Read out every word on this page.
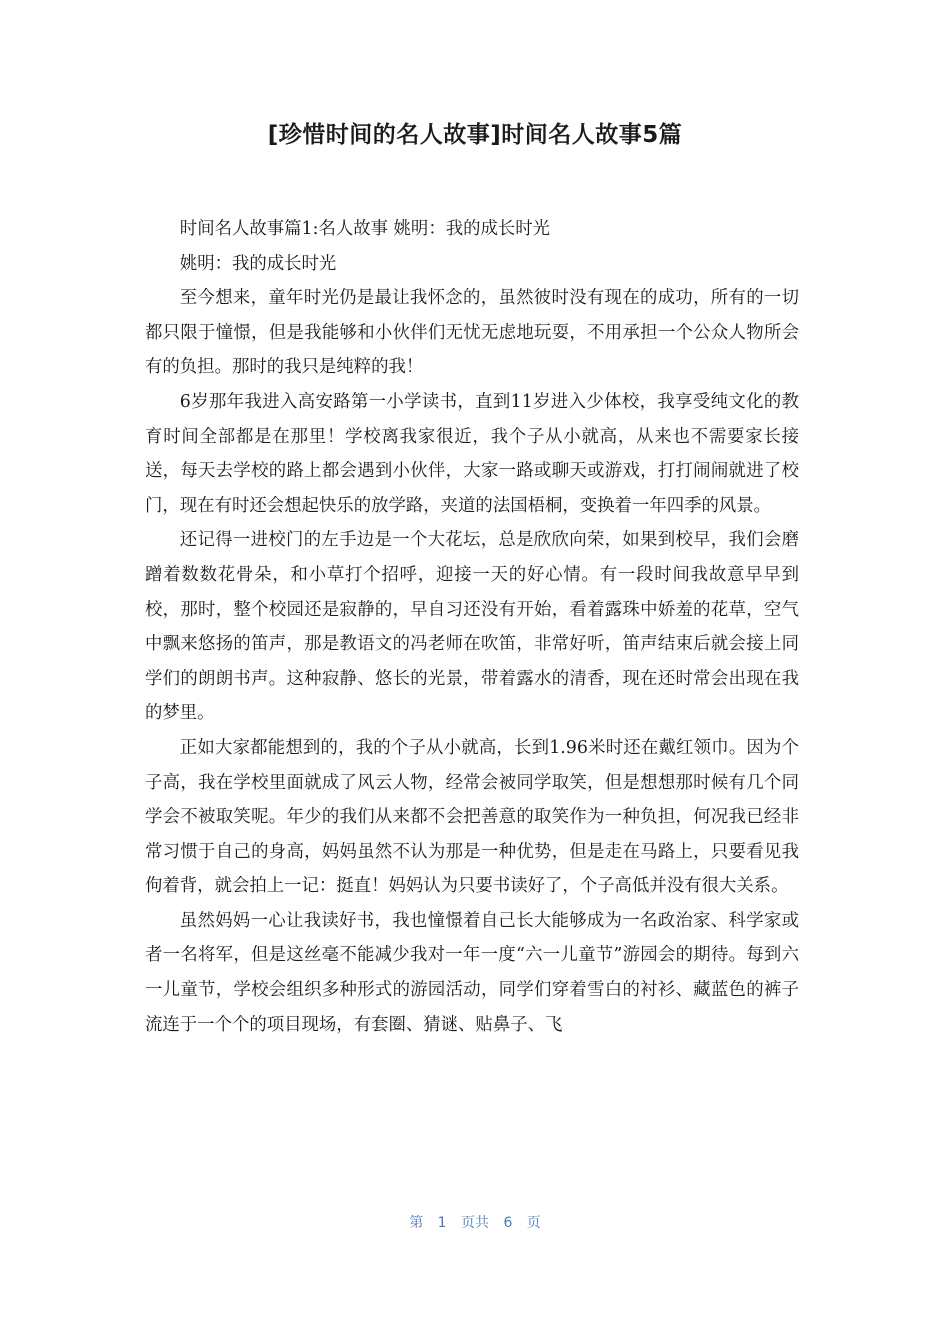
[珍惜时间的名人故事]时间名人故事5篇

时间名人故事篇1:名人故事 姚明：我的成长时光

姚明：我的成长时光

至今想来，童年时光仍是最让我怀念的，虽然彼时没有现在的成功，所有的一切都只限于憧憬，但是我能够和小伙伴们无忧无虑地玩耍，不用承担一个公众人物所会有的负担。那时的我只是纯粹的我！

6岁那年我进入高安路第一小学读书，直到11岁进入少体校，我享受纯文化的教育时间全部都是在那里！学校离我家很近，我个子从小就高，从来也不需要家长接送，每天去学校的路上都会遇到小伙伴，大家一路或聊天或游戏，打打闹闹就进了校门，现在有时还会想起快乐的放学路，夹道的法国梧桐，变换着一年四季的风景。

还记得一进校门的左手边是一个大花坛，总是欣欣向荣，如果到校早，我们会磨蹭着数数花骨朵，和小草打个招呼，迎接一天的好心情。有一段时间我故意早早到校，那时，整个校园还是寂静的，早自习还没有开始，看着露珠中娇羞的花草，空气中飘来悠扬的笛声，那是教语文的冯老师在吹笛，非常好听，笛声结束后就会接上同学们的朗朗书声。这种寂静、悠长的光景，带着露水的清香，现在还时常会出现在我的梦里。

正如大家都能想到的，我的个子从小就高，长到1.96米时还在戴红领巾。因为个子高，我在学校里面就成了风云人物，经常会被同学取笑，但是想想那时候有几个同学会不被取笑呢。年少的我们从来都不会把善意的取笑作为一种负担，何况我已经非常习惯于自己的身高，妈妈虽然不认为那是一种优势，但是走在马路上，只要看见我佝着背，就会拍上一记：挺直！妈妈认为只要书读好了，个子高低并没有很大关系。

虽然妈妈一心让我读好书，我也憧憬着自己长大能够成为一名政治家、科学家或者一名将军，但是这丝毫不能减少我对一年一度“六一儿童节”游园会的期待。每到六一儿童节，学校会组织多种形式的游园活动，同学们穿着雪白的衬衫、藏蓝色的裤子流连于一个个的项目现场，有套圈、猜谜、贴鼻子、飞

第 1 页共 6 页
